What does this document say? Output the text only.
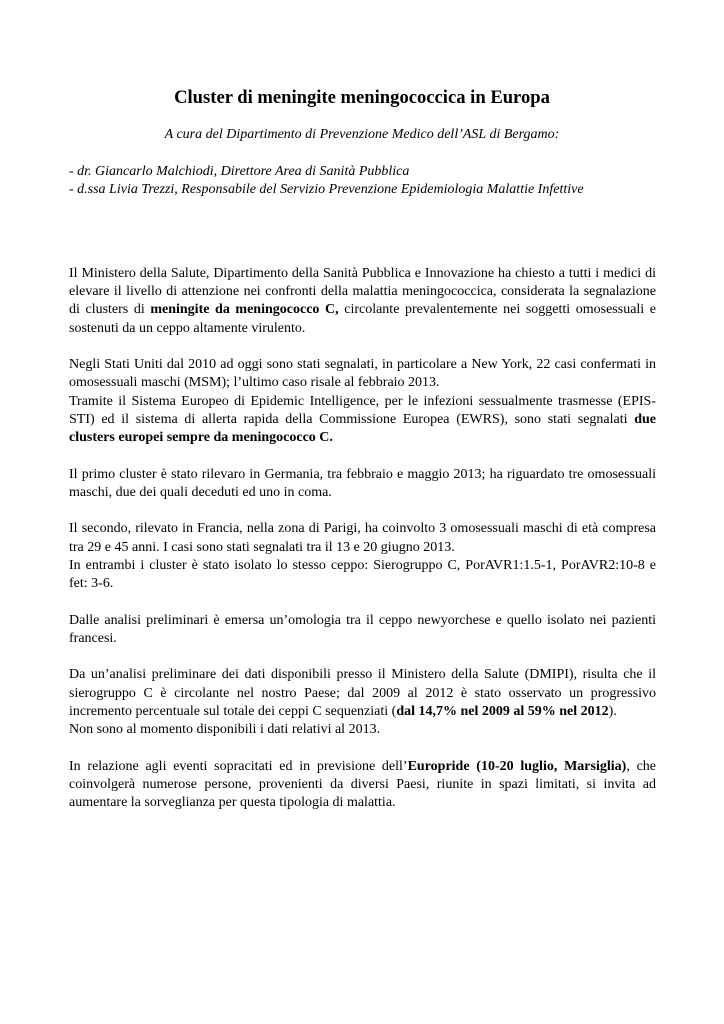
Cluster di meningite meningococcica in Europa

A cura del Dipartimento di Prevenzione Medico dell’ASL di Bergamo:

- dr. Giancarlo Malchiodi, Direttore Area di Sanità Pubblica
- d.ssa Livia Trezzi, Responsabile del Servizio Prevenzione Epidemiologia Malattie Infettive

Il Ministero della Salute, Dipartimento della Sanità Pubblica e Innovazione ha chiesto a tutti i medici di elevare il livello di attenzione nei confronti della malattia meningococcica, considerata la segnalazione di clusters di meningite da meningococco C, circolante prevalentemente nei soggetti omosessuali e sostenuti da un ceppo altamente virulento.

Negli Stati Uniti dal 2010 ad oggi sono stati segnalati, in particolare a New York, 22 casi confermati in omosessuali maschi (MSM); l’ultimo caso risale al febbraio 2013.

Tramite il Sistema Europeo di Epidemic Intelligence, per le infezioni sessualmente trasmesse (EPIS-STI) ed il sistema di allerta rapida della Commissione Europea (EWRS), sono stati segnalati due clusters europei sempre da meningococco C.

Il primo cluster è stato rilevaro in Germania, tra febbraio e maggio 2013; ha riguardato tre omosessuali maschi, due dei quali deceduti ed uno in coma.

Il secondo, rilevato in Francia, nella zona di Parigi, ha coinvolto 3 omosessuali maschi di età compresa tra 29 e 45 anni. I casi sono stati segnalati tra il 13 e 20 giugno 2013.

In entrambi i cluster è stato isolato lo stesso ceppo: Sierogruppo C, PorAVR1:1.5-1, PorAVR2:10-8 e fet: 3-6.

Dalle analisi preliminari è emersa un’omologia tra il ceppo newyorchese e quello isolato nei pazienti francesi.

Da un’analisi preliminare dei dati disponibili presso il Ministero della Salute (DMIPI), risulta che il sierogruppo C è circolante nel nostro Paese; dal 2009 al 2012 è stato osservato un progressivo incremento percentuale sul totale dei ceppi C sequenziati (dal 14,7% nel 2009 al 59% nel 2012).

Non sono al momento disponibili i dati relativi al 2013.

In relazione agli eventi sopracitati ed in previsione dell’Europride (10-20 luglio, Marsiglia), che coinvolgerà numerose persone, provenienti da diversi Paesi, riunite in spazi limitati, si invita ad aumentare la sorveglianza per questa tipologia di malattia.
